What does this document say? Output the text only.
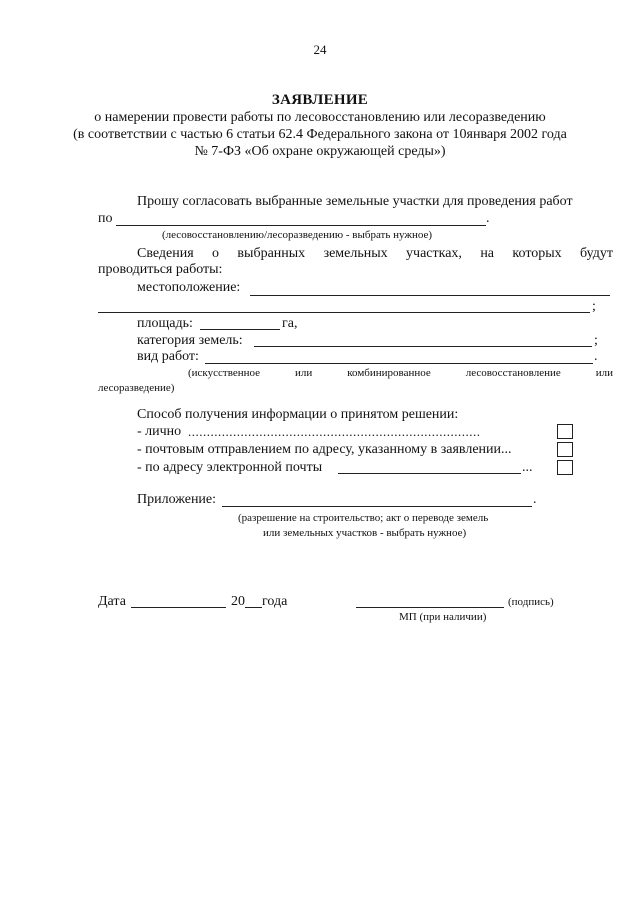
24
ЗАЯВЛЕНИЕ
о намерении провести работы по лесовосстановлению или лесоразведению
(в соответствии с частью 6 статьи 62.4 Федерального закона от 10января 2002 года
№ 7-ФЗ «Об охране окружающей среды»)
Прошу согласовать выбранные земельные участки для проведения работ
по	.
(лесовосстановлению/лесоразведению - выбрать нужное)
Сведения о выбранных земельных участках, на которых будут
проводиться работы:
местоположение:
;
площадь:	га,
категория земель:	;
вид работ:	.
(искусственное или комбинированное лесовосстановление или
лесоразведение)
Способ получения информации о принятом решении:
- лично ..............................................................................
- почтовым отправлением по адресу, указанному в заявлении...
- по адресу электронной почты	...
Приложение:	.
(разрешение на строительство; акт о переводе земель
или земельных участков - выбрать нужное)
Дата	20 года	(подпись)
МП (при наличии)
